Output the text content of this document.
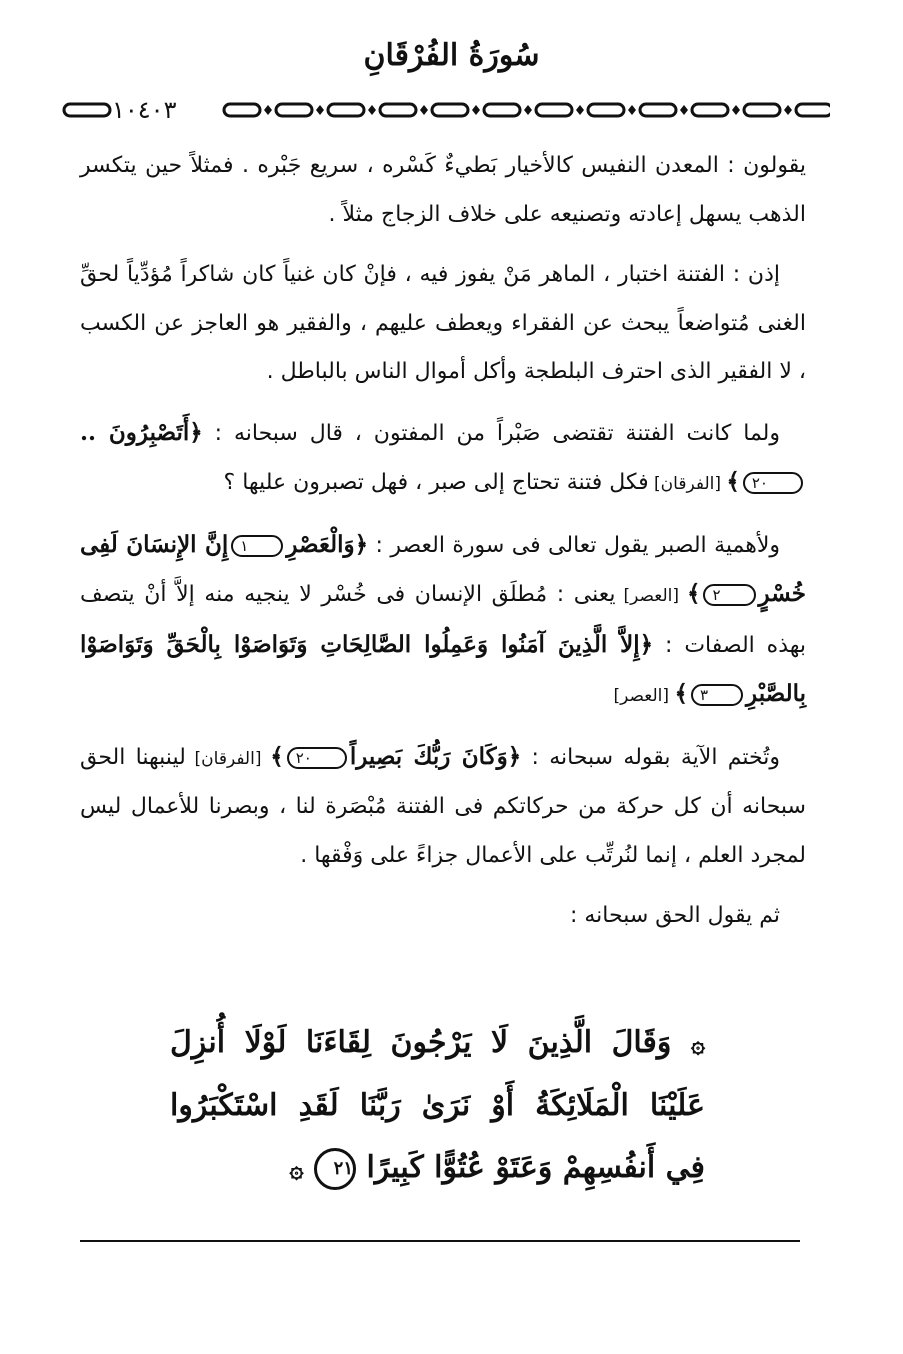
سُورَةُ الفُرْقَانِ
١٠٤٠٣

يقولون : المعدن النفيس كالأخيار بَطيءٌ كَسْره ، سريع جَبْره . فمثلاً حين يتكسر الذهب يسهل إعادته وتصنيعه على خلاف الزجاج مثلاً .

إذن : الفتنة اختبار ، الماهر مَنْ يفوز فيه ، فإنْ كان غنياً كان شاكراً مُؤدِّياً لحقِّ الغنى مُتواضعاً يبحث عن الفقراء ويعطف عليهم ، والفقير هو العاجز عن الكسب ، لا الفقير الذى احترف البلطجة وأكل أموال الناس بالباطل .

ولما كانت الفتنة تقتضى صَبْراً من المفتون ، قال سبحانه : ﴿أَتَصْبِرُونَ ..٢٠﴾ [الفرقان] فكل فتنة تحتاج إلى صبر ، فهل تصبرون عليها ؟

ولأهمية الصبر يقول تعالى فى سورة العصر : ﴿وَالْعَصْرِ١إِنَّ الإِنسَانَ لَفِى خُسْرٍ٢﴾ [العصر] يعنى : مُطلَق الإنسان فى خُسْر لا ينجيه منه إلاَّ أنْ يتصف بهذه الصفات : ﴿إِلاَّ الَّذِينَ آمَنُوا وَعَمِلُوا الصَّالِحَاتِ وَتَوَاصَوْا بِالْحَقِّ وَتَوَاصَوْا بِالصَّبْرِ٣﴾ [العصر]

وتُختم الآية بقوله سبحانه : ﴿وَكَانَ رَبُّكَ بَصِيراً٢٠﴾ [الفرقان] لينبهنا الحق سبحانه أن كل حركة من حركاتكم فى الفتنة مُبْصَرة لنا ، وبصرنا للأعمال ليس لمجرد العلم ، إنما لنُرتِّب على الأعمال جزاءً على وَفْقها .

ثم يقول الحق سبحانه :

۞ وَقَالَ الَّذِينَ لَا يَرْجُونَ لِقَاءَنَا لَوْلَا أُنزِلَ
عَلَيْنَا الْمَلَائِكَةُ أَوْ نَرَىٰ رَبَّنَا لَقَدِ اسْتَكْبَرُوا
فِي أَنفُسِهِمْ وَعَتَوْ عُتُوًّا كَبِيرًا ٢١ ۞
